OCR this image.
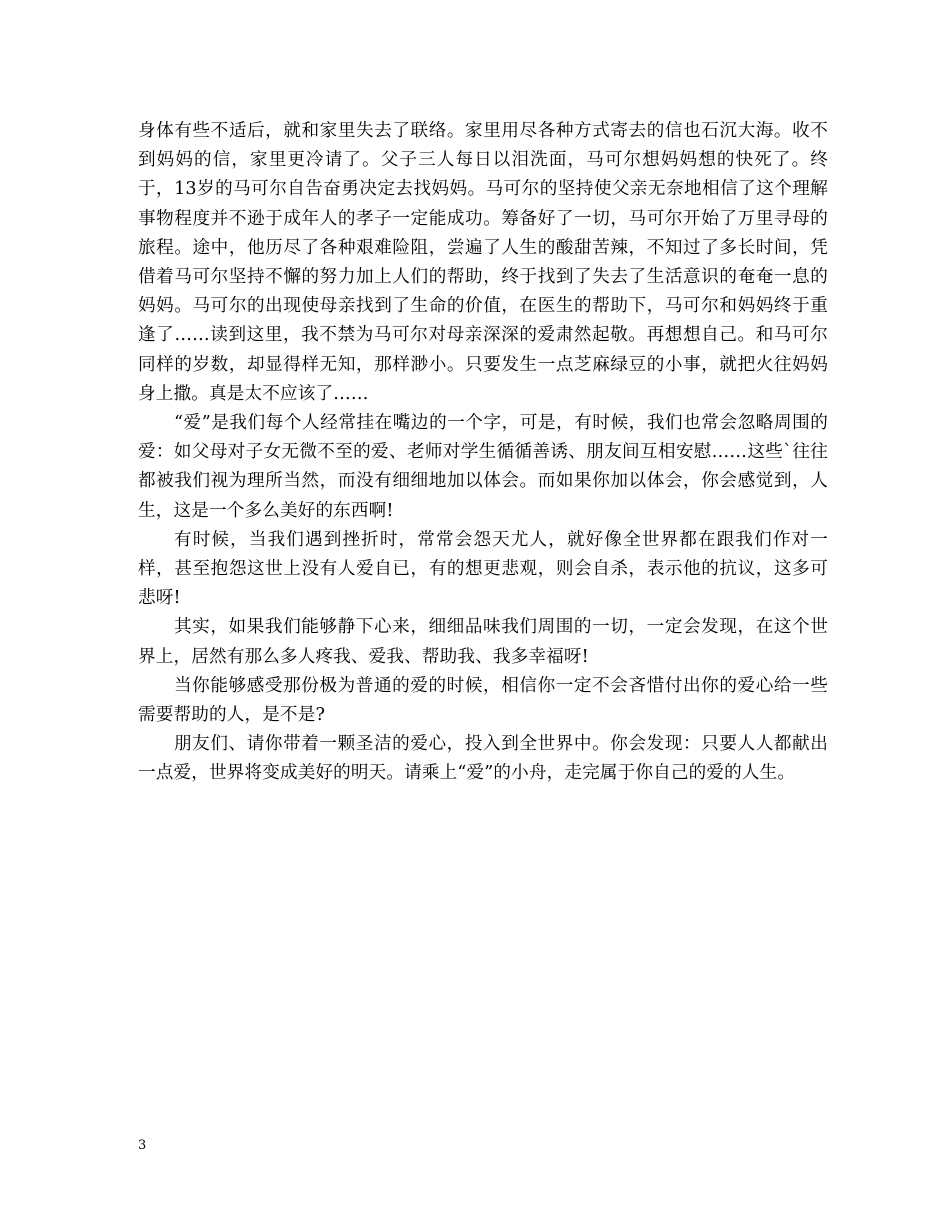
身体有些不适后，就和家里失去了联络。家里用尽各种方式寄去的信也石沉大海。收不到妈妈的信，家里更冷请了。父子三人每日以泪洗面，马可尔想妈妈想的快死了。终于，13岁的马可尔自告奋勇决定去找妈妈。马可尔的坚持使父亲无奈地相信了这个理解事物程度并不逊于成年人的孝子一定能成功。筹备好了一切，马可尔开始了万里寻母的旅程。途中，他历尽了各种艰难险阻，尝遍了人生的酸甜苦辣，不知过了多长时间，凭借着马可尔坚持不懈的努力加上人们的帮助，终于找到了失去了生活意识的奄奄一息的妈妈。马可尔的出现使母亲找到了生命的价值，在医生的帮助下，马可尔和妈妈终于重逢了……读到这里，我不禁为马可尔对母亲深深的爱肃然起敬。再想想自己。和马可尔同样的岁数，却显得样无知，那样渺小。只要发生一点芝麻绿豆的小事，就把火往妈妈身上撒。真是太不应该了……

“爱”是我们每个人经常挂在嘴边的一个字，可是，有时候，我们也常会忽略周围的爱：如父母对子女无微不至的爱、老师对学生循循善诱、朋友间互相安慰……这些`往往都被我们视为理所当然，而没有细细地加以体会。而如果你加以体会，你会感觉到，人生，这是一个多么美好的东西啊!

有时候，当我们遇到挫折时，常常会怨天尤人，就好像全世界都在跟我们作对一样，甚至抱怨这世上没有人爱自已，有的想更悲观，则会自杀，表示他的抗议，这多可悲呀!

其实，如果我们能够静下心来，细细品味我们周围的一切，一定会发现，在这个世界上，居然有那么多人疼我、爱我、帮助我、我多幸福呀!

当你能够感受那份极为普通的爱的时候，相信你一定不会吝惜付出你的爱心给一些需要帮助的人，是不是?

朋友们、请你带着一颗圣洁的爱心，投入到全世界中。你会发现：只要人人都献出一点爱，世界将变成美好的明天。请乘上“爱”的小舟，走完属于你自己的爱的人生。

3
